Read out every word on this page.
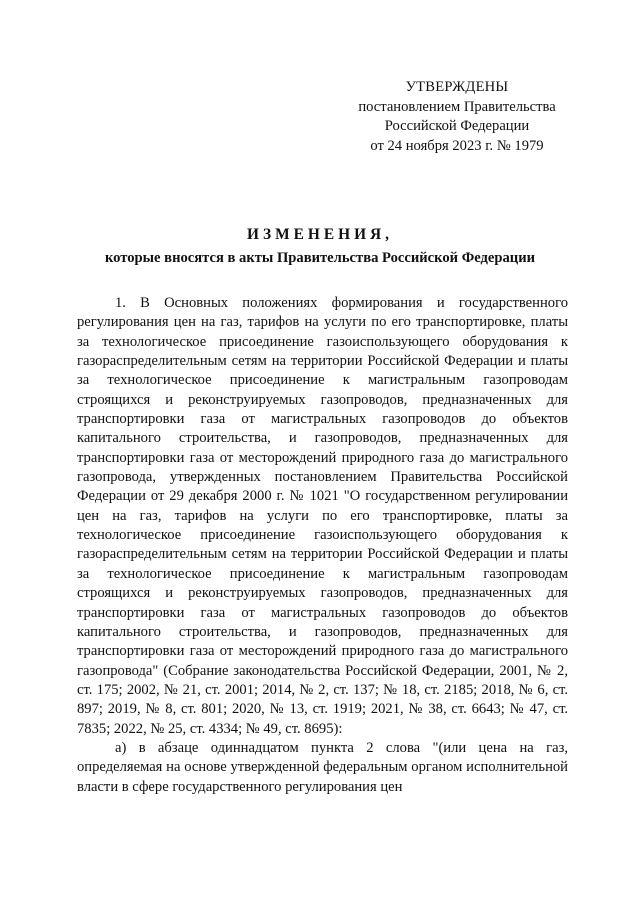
УТВЕРЖДЕНЫ
постановлением Правительства
Российской Федерации
от 24 ноября 2023 г. № 1979
ИЗМЕНЕНИЯ,
которые вносятся в акты Правительства Российской Федерации

1. В Основных положениях формирования и государственного регулирования цен на газ, тарифов на услуги по его транспортировке, платы за технологическое присоединение газоиспользующего оборудования к газораспределительным сетям на территории Российской Федерации и платы за технологическое присоединение к магистральным газопроводам строящихся и реконструируемых газопроводов, предназначенных для транспортировки газа от магистральных газопроводов до объектов капитального строительства, и газопроводов, предназначенных для транспортировки газа от месторождений природного газа до магистрального газопровода, утвержденных постановлением Правительства Российской Федерации от 29 декабря 2000 г. № 1021 "О государственном регулировании цен на газ, тарифов на услуги по его транспортировке, платы за технологическое присоединение газоиспользующего оборудования к газораспределительным сетям на территории Российской Федерации и платы за технологическое присоединение к магистральным газопроводам строящихся и реконструируемых газопроводов, предназначенных для транспортировки газа от магистральных газопроводов до объектов капитального строительства, и газопроводов, предназначенных для транспортировки газа от месторождений природного газа до магистрального газопровода" (Собрание законодательства Российской Федерации, 2001, № 2, ст. 175; 2002, № 21, ст. 2001; 2014, № 2, ст. 137; № 18, ст. 2185; 2018, № 6, ст. 897; 2019, № 8, ст. 801; 2020, № 13, ст. 1919; 2021, № 38, ст. 6643; № 47, ст. 7835; 2022, № 25, ст. 4334; № 49, ст. 8695):

а) в абзаце одиннадцатом пункта 2 слова "(или цена на газ, определяемая на основе утвержденной федеральным органом исполнительной власти в сфере государственного регулирования цен
